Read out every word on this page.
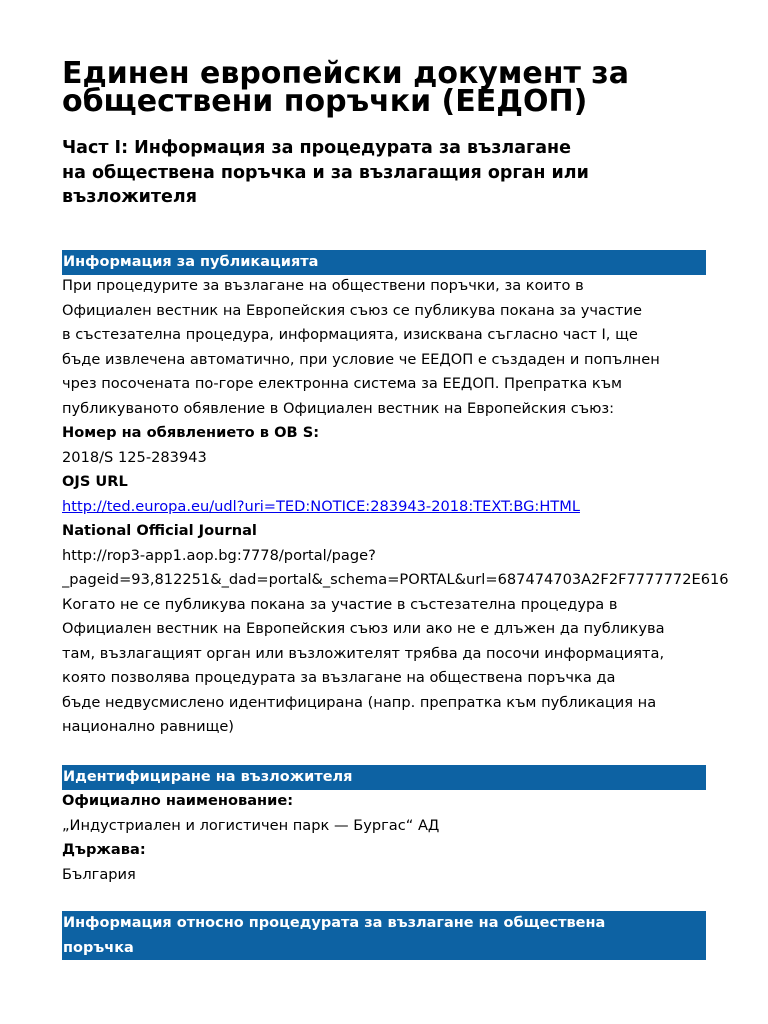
Единен европейски документ за
обществени поръчки (ЕЕДОП)
Част I: Информация за процедурата за възлагане
на обществена поръчка и за възлагащия орган или
възложителя
Информация за публикацията
При процедурите за възлагане на обществени поръчки, за които в
Официален вестник на Европейския съюз се публикува покана за участие
в състезателна процедура, информацията, изисквана съгласно част I, ще
бъде извлечена автоматично, при условие че ЕЕДОП е създаден и попълнен
чрез посочената по-горе електронна система за ЕЕДОП. Препратка към
публикуваното обявление в Официален вестник на Европейския съюз:
Номер на обявлението в ОВ S:
2018/S 125-283943
OJS URL
http://ted.europa.eu/udl?uri=TED:NOTICE:283943-2018:TEXT:BG:HTML
National Official Journal
http://rop3-app1.aop.bg:7778/portal/page?
_pageid=93,812251&_dad=portal&_schema=PORTAL&url=687474703A2F2F7777772E616
Когато не се публикува покана за участие в състезателна процедура в
Официален вестник на Европейския съюз или ако не е длъжен да публикува
там, възлагащият орган или възложителят трябва да посочи информацията,
която позволява процедурата за възлагане на обществена поръчка да
бъде недвусмислено идентифицирана (напр. препратка към публикация на
национално равнище)
Идентифициране на възложителя
Официално наименование:
„Индустриален и логистичен парк — Бургас“ АД
Държава:
България
Информация относно процедурата за възлагане на обществена
поръчка
